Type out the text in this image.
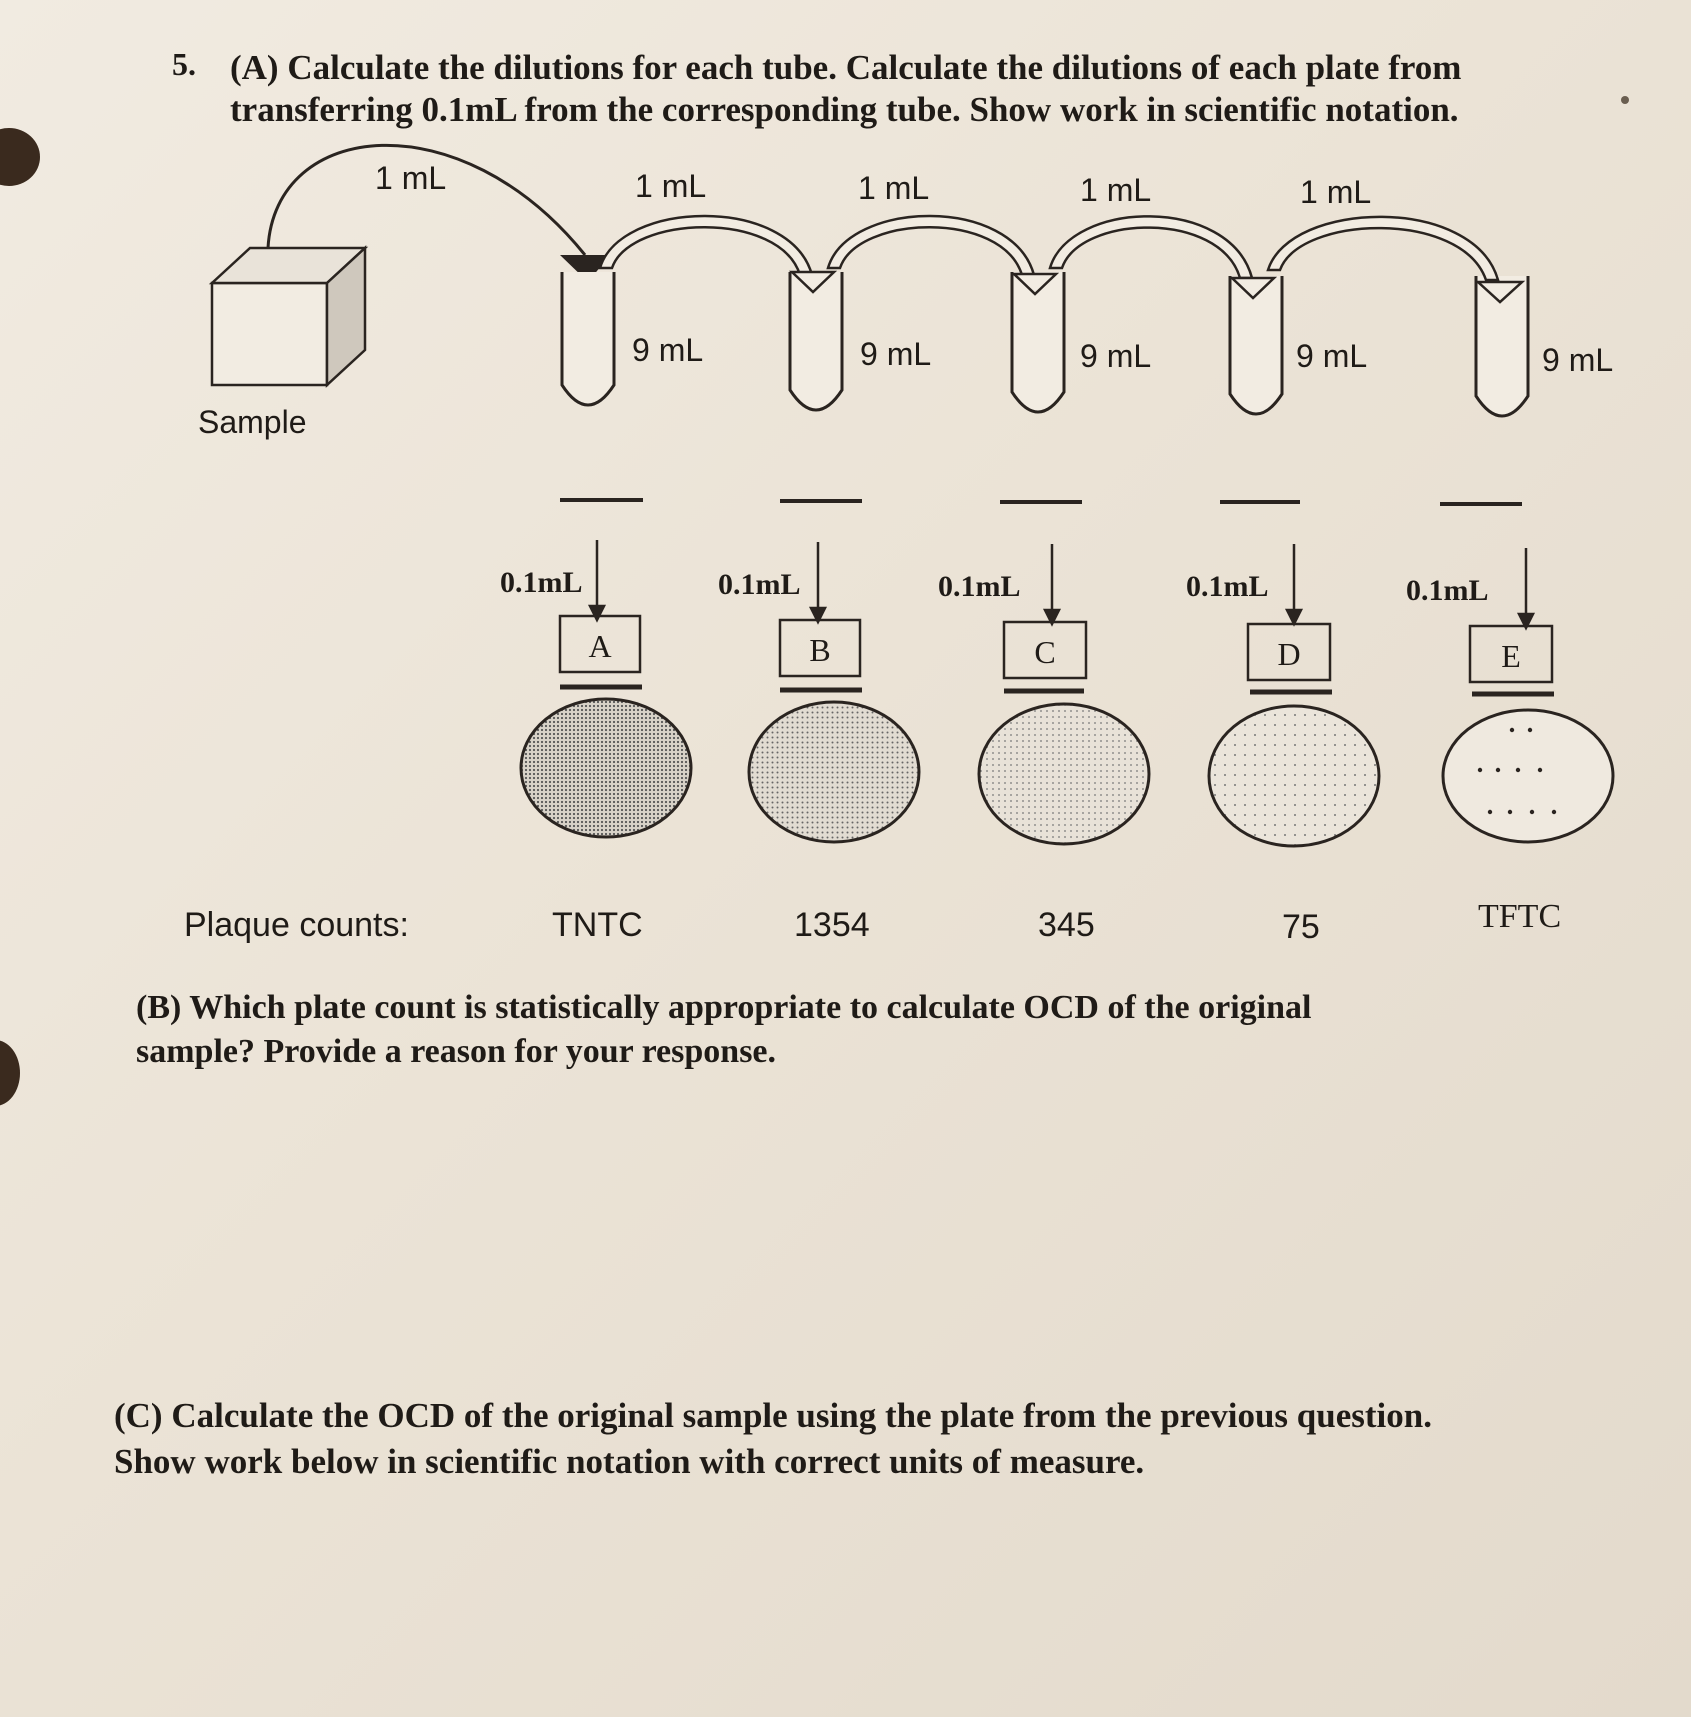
5. (A) Calculate the dilutions for each tube. Calculate the dilutions of each plate from
transferring 0.1mL from the corresponding tube. Show work in scientific notation.
1 mL	1 mL	1 mL	1 mL	1 mL
Sample
9 mL	9 mL	9 mL	9 mL	9 mL
0.1mL	0.1mL	0.1mL	0.1mL	0.1mL
A	B	C	D	E
Plaque counts:	TNTC	1354	345	75	TFTC
(B) Which plate count is statistically appropriate to calculate OCD of the original
sample? Provide a reason for your response.
(C) Calculate the OCD of the original sample using the plate from the previous question.
Show work below in scientific notation with correct units of measure.
